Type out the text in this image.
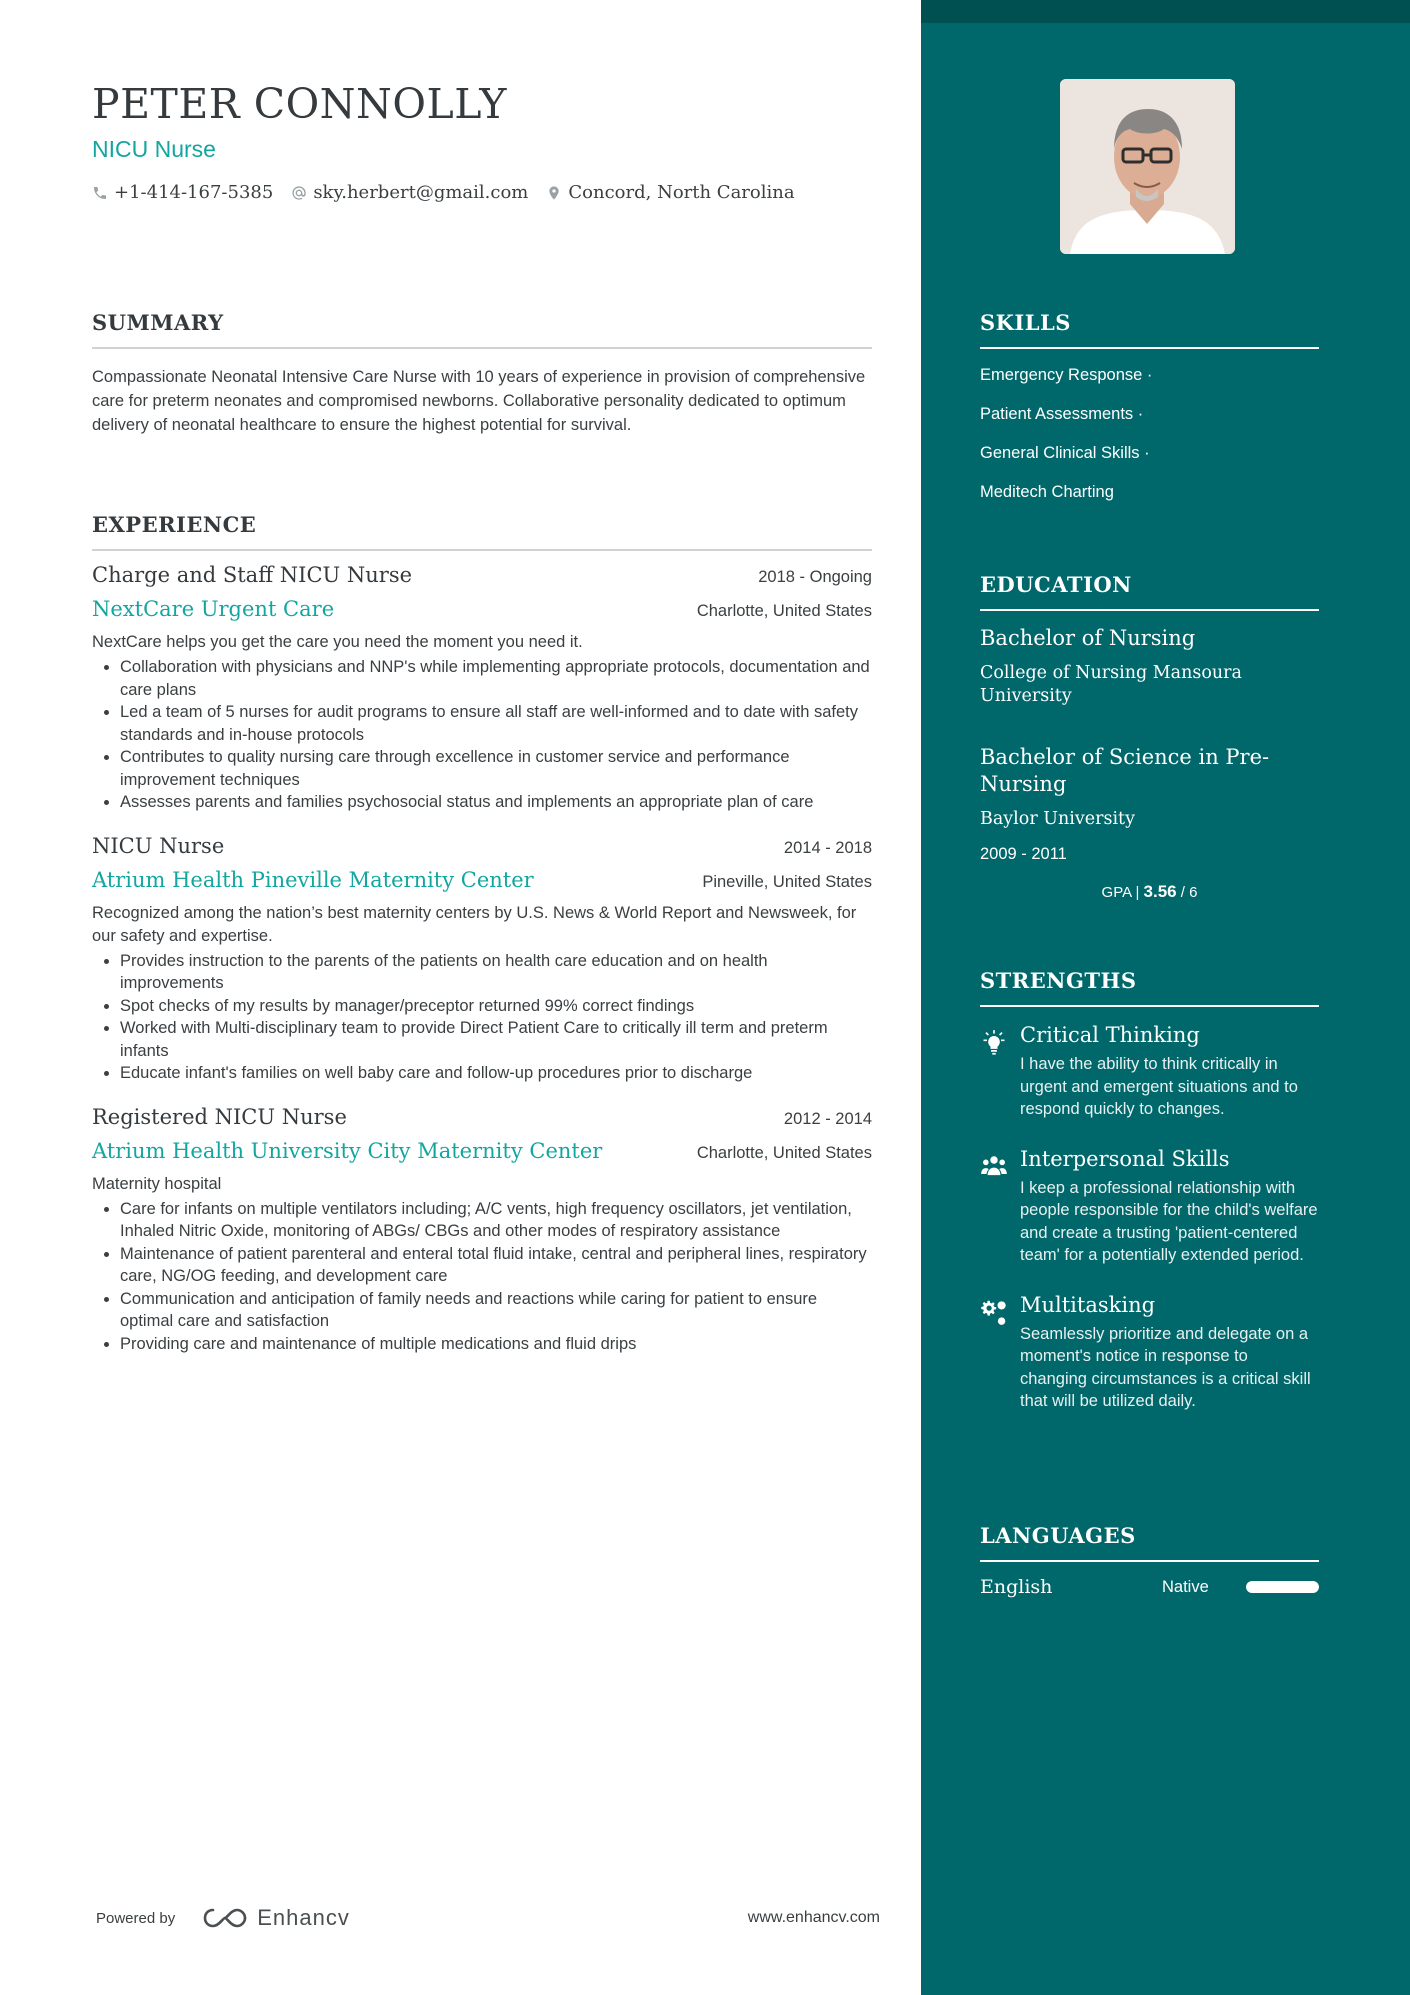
PETER CONNOLLY
NICU Nurse
+1-414-167-5385 sky.herbert@gmail.com Concord, North Carolina
SUMMARY

Compassionate Neonatal Intensive Care Nurse with 10 years of experience in provision of comprehensive care for preterm neonates and compromised newborns. Collaborative personality dedicated to optimum delivery of neonatal healthcare to ensure the highest potential for survival.

EXPERIENCE
Charge and Staff NICU Nurse	2018 - Ongoing
NextCare Urgent Care	Charlotte, United States
NextCare helps you get the care you need the moment you need it.
• Collaboration with physicians and NNP's while implementing appropriate protocols, documentation and care plans
• Led a team of 5 nurses for audit programs to ensure all staff are well-informed and to date with safety standards and in-house protocols
• Contributes to quality nursing care through excellence in customer service and performance improvement techniques
• Assesses parents and families psychosocial status and implements an appropriate plan of care
NICU Nurse	2014 - 2018
Atrium Health Pineville Maternity Center	Pineville, United States
Recognized among the nation’s best maternity centers by U.S. News & World Report and Newsweek, for our safety and expertise.
• Provides instruction to the parents of the patients on health care education and on health improvements
• Spot checks of my results by manager/preceptor returned 99% correct findings
• Worked with Multi-disciplinary team to provide Direct Patient Care to critically ill term and preterm infants
• Educate infant's families on well baby care and follow-up procedures prior to discharge
Registered NICU Nurse	2012 - 2014
Atrium Health University City Maternity Center	Charlotte, United States
Maternity hospital
• Care for infants on multiple ventilators including; A/C vents, high frequency oscillators, jet ventilation, Inhaled Nitric Oxide, monitoring of ABGs/ CBGs and other modes of respiratory assistance
• Maintenance of patient parenteral and enteral total fluid intake, central and peripheral lines, respiratory care, NG/OG feeding, and development care
• Communication and anticipation of family needs and reactions while caring for patient to ensure optimal care and satisfaction
• Providing care and maintenance of multiple medications and fluid drips
Powered by	Enhancv	www.enhancv.com
SKILLS
Emergency Response ·
Patient Assessments ·
General Clinical Skills ·
Meditech Charting
EDUCATION
Bachelor of Nursing
College of Nursing Mansoura University
Bachelor of Science in Pre-Nursing
Baylor University
2009 - 2011
GPA | 3.56 / 6
STRENGTHS
Critical Thinking
I have the ability to think critically in urgent and emergent situations and to respond quickly to changes.
Interpersonal Skills
I keep a professional relationship with people responsible for the child's welfare and create a trusting 'patient-centered team' for a potentially extended period.
Multitasking
Seamlessly prioritize and delegate on a moment's notice in response to changing circumstances is a critical skill that will be utilized daily.
LANGUAGES
English	Native
